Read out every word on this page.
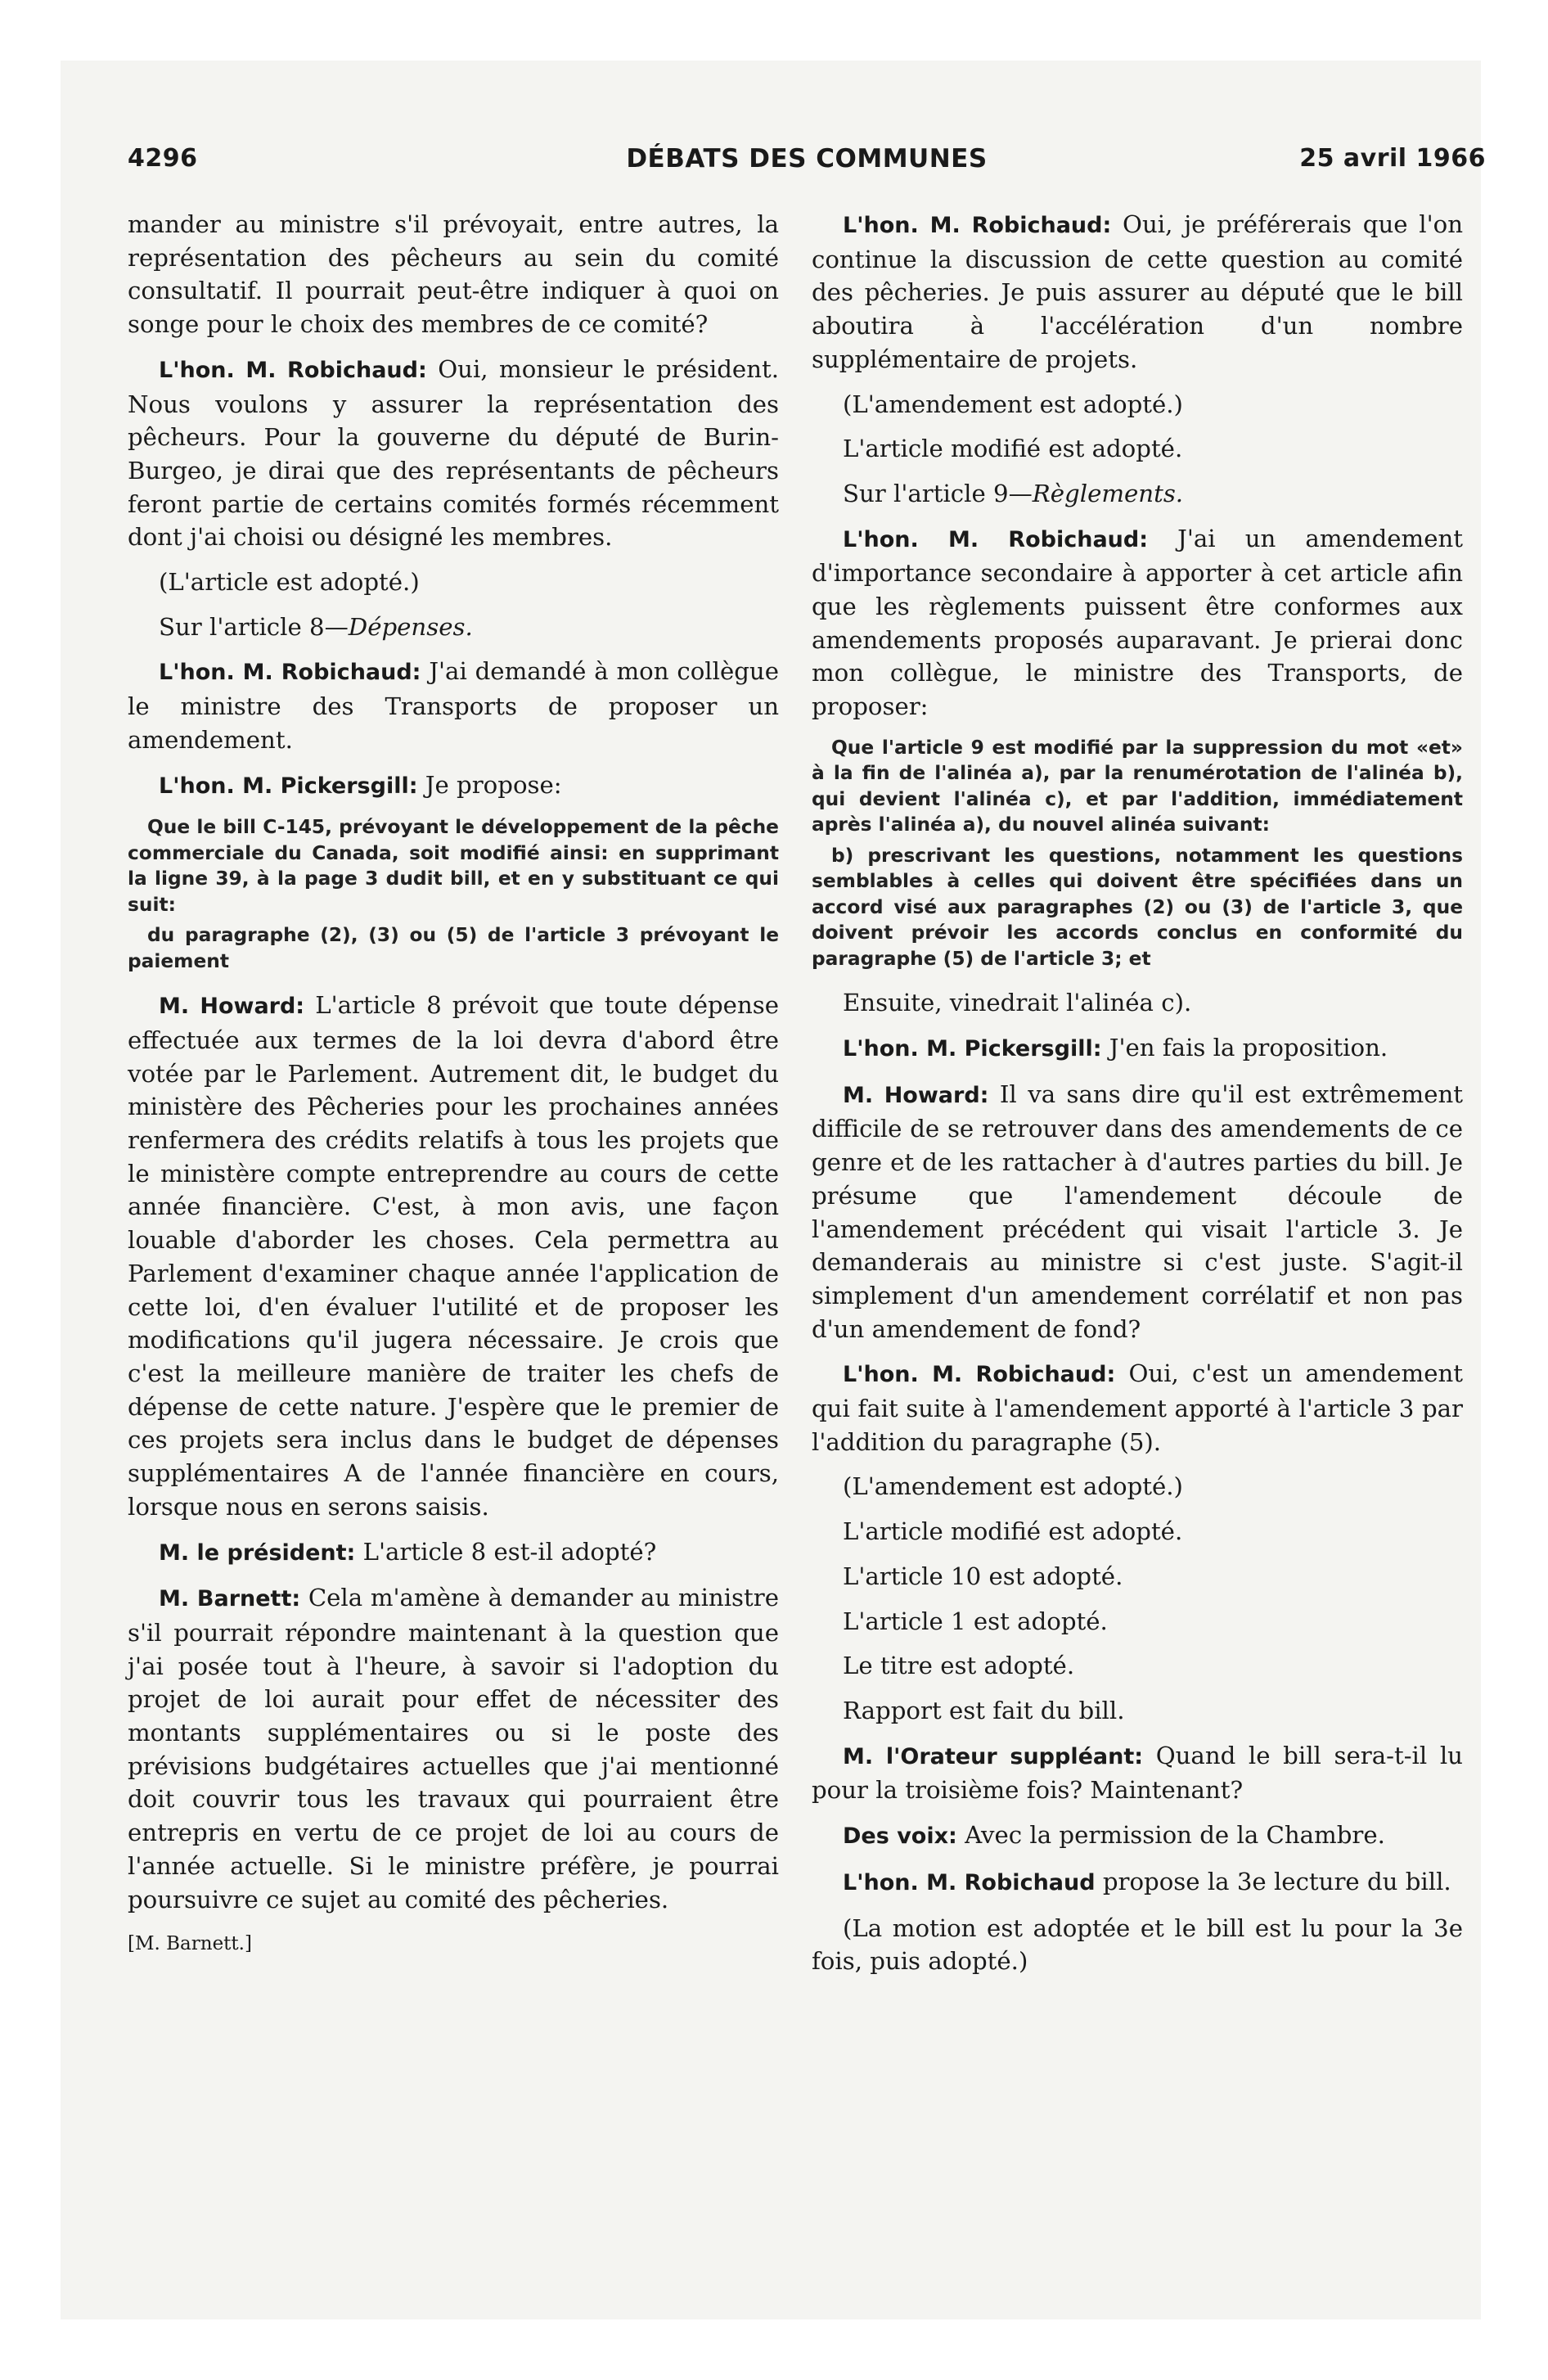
4296	DÉBATS DES COMMUNES	25 avril 1966

mander au ministre s'il prévoyait, entre autres, la représentation des pêcheurs au sein du comité consultatif. Il pourrait peut-être indiquer à quoi on songe pour le choix des membres de ce comité?

L'hon. M. Robichaud: Oui, monsieur le président. Nous voulons y assurer la représentation des pêcheurs. Pour la gouverne du député de Burin-Burgeo, je dirai que des représentants de pêcheurs feront partie de certains comités formés récemment dont j'ai choisi ou désigné les membres.

(L'article est adopté.)

Sur l'article 8—Dépenses.

L'hon. M. Robichaud: J'ai demandé à mon collègue le ministre des Transports de proposer un amendement.

L'hon. M. Pickersgill: Je propose:

Que le bill C-145, prévoyant le développement de la pêche commerciale du Canada, soit modifié ainsi: en supprimant la ligne 39, à la page 3 dudit bill, et en y substituant ce qui suit:

du paragraphe (2), (3) ou (5) de l'article 3 prévoyant le paiement

M. Howard: L'article 8 prévoit que toute dépense effectuée aux termes de la loi devra d'abord être votée par le Parlement. Autrement dit, le budget du ministère des Pêcheries pour les prochaines années renfermera des crédits relatifs à tous les projets que le ministère compte entreprendre au cours de cette année financière. C'est, à mon avis, une façon louable d'aborder les choses. Cela permettra au Parlement d'examiner chaque année l'application de cette loi, d'en évaluer l'utilité et de proposer les modifications qu'il jugera nécessaire. Je crois que c'est la meilleure manière de traiter les chefs de dépense de cette nature. J'espère que le premier de ces projets sera inclus dans le budget de dépenses supplémentaires A de l'année financière en cours, lorsque nous en serons saisis.

M. le président: L'article 8 est-il adopté?

M. Barnett: Cela m'amène à demander au ministre s'il pourrait répondre maintenant à la question que j'ai posée tout à l'heure, à savoir si l'adoption du projet de loi aurait pour effet de nécessiter des montants supplémentaires ou si le poste des prévisions budgétaires actuelles que j'ai mentionné doit couvrir tous les travaux qui pourraient être entrepris en vertu de ce projet de loi au cours de l'année actuelle. Si le ministre préfère, je pourrai poursuivre ce sujet au comité des pêcheries.

[M. Barnett.]

L'hon. M. Robichaud: Oui, je préférerais que l'on continue la discussion de cette question au comité des pêcheries. Je puis assurer au député que le bill aboutira à l'accélération d'un nombre supplémentaire de projets.

(L'amendement est adopté.)

L'article modifié est adopté.

Sur l'article 9—Règlements.

L'hon. M. Robichaud: J'ai un amendement d'importance secondaire à apporter à cet article afin que les règlements puissent être conformes aux amendements proposés auparavant. Je prierai donc mon collègue, le ministre des Transports, de proposer:

Que l'article 9 est modifié par la suppression du mot «et» à la fin de l'alinéa a), par la renumérotation de l'alinéa b), qui devient l'alinéa c), et par l'addition, immédiatement après l'alinéa a), du nouvel alinéa suivant:

b) prescrivant les questions, notamment les questions semblables à celles qui doivent être spécifiées dans un accord visé aux paragraphes (2) ou (3) de l'article 3, que doivent prévoir les accords conclus en conformité du paragraphe (5) de l'article 3; et

Ensuite, vinedrait l'alinéa c).

L'hon. M. Pickersgill: J'en fais la proposition.

M. Howard: Il va sans dire qu'il est extrêmement difficile de se retrouver dans des amendements de ce genre et de les rattacher à d'autres parties du bill. Je présume que l'amendement découle de l'amendement précédent qui visait l'article 3. Je demanderais au ministre si c'est juste. S'agit-il simplement d'un amendement corrélatif et non pas d'un amendement de fond?

L'hon. M. Robichaud: Oui, c'est un amendement qui fait suite à l'amendement apporté à l'article 3 par l'addition du paragraphe (5).

(L'amendement est adopté.)

L'article modifié est adopté.

L'article 10 est adopté.

L'article 1 est adopté.

Le titre est adopté.

Rapport est fait du bill.

M. l'Orateur suppléant: Quand le bill sera-t-il lu pour la troisième fois? Maintenant?

Des voix: Avec la permission de la Chambre.

L'hon. M. Robichaud propose la 3e lecture du bill.

(La motion est adoptée et le bill est lu pour la 3e fois, puis adopté.)
